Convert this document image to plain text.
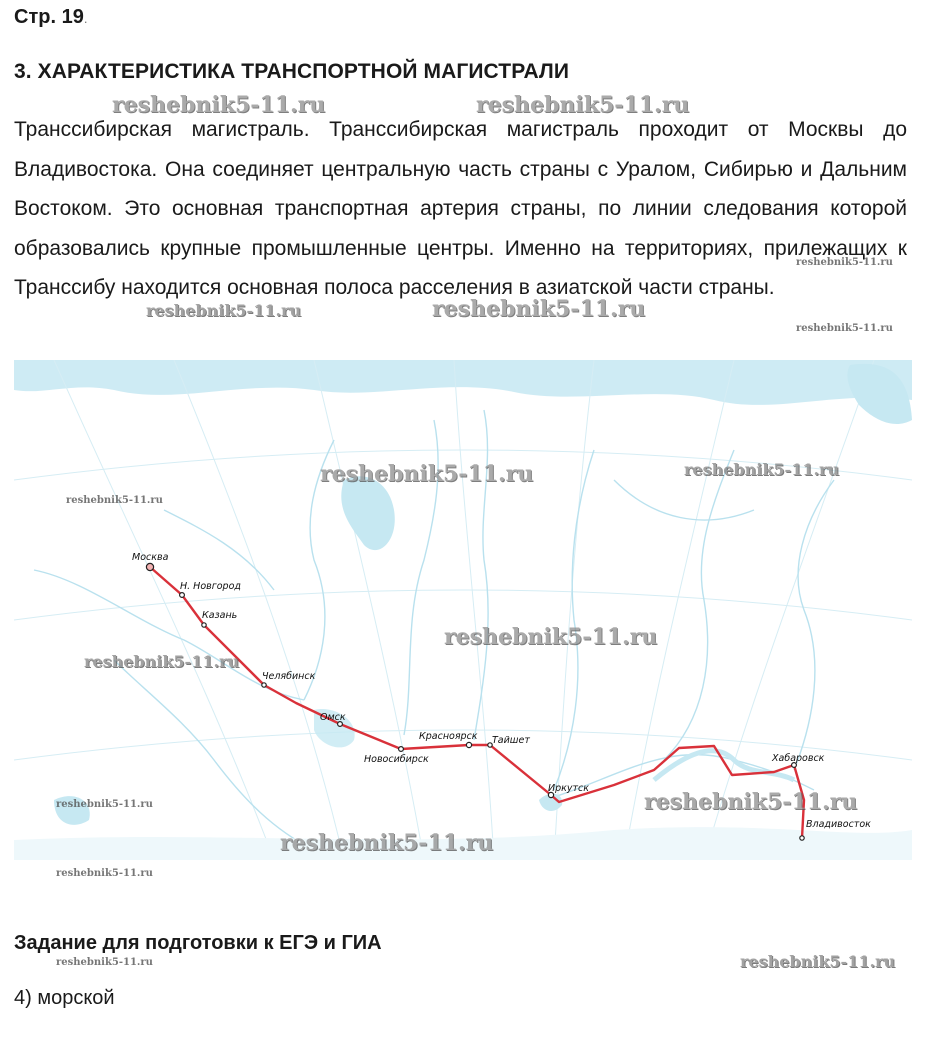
Стр. 19.
3. ХАРАКТЕРИСТИКА ТРАНСПОРТНОЙ МАГИСТРАЛИ
Транссибирская магистраль. Транссибирская магистраль проходит от Москвы до Владивостока. Она соединяет центральную часть страны с Уралом, Сибирью и Дальним Востоком. Это основная транспортная артерия страны, по линии следования которой образовались крупные промышленные центры. Именно на территориях, прилежащих к Транссибу находится основная полоса расселения в азиатской части страны.
Москва
Н. Новгород
Казань
Челябинск
Омск
Новосибирск
Красноярск Тайшет
Иркутск
Хабаровск
Владивосток
Задание для подготовки к ЕГЭ и ГИА
4) морской
reshebnik5-11.ru	reshebnik5-11.ru
reshebnik5-11.ru
reshebnik5-11.ru	reshebnik5-11.ru
reshebnik5-11.ru
reshebnik5-11.ru	reshebnik5-11.ru
reshebnik5-11.ru
reshebnik5-11.ru
reshebnik5-11.ru
reshebnik5-11.ru
reshebnik5-11.ru
reshebnik5-11.ru
reshebnik5-11.ru
reshebnik5-11.ru	reshebnik5-11.ru
